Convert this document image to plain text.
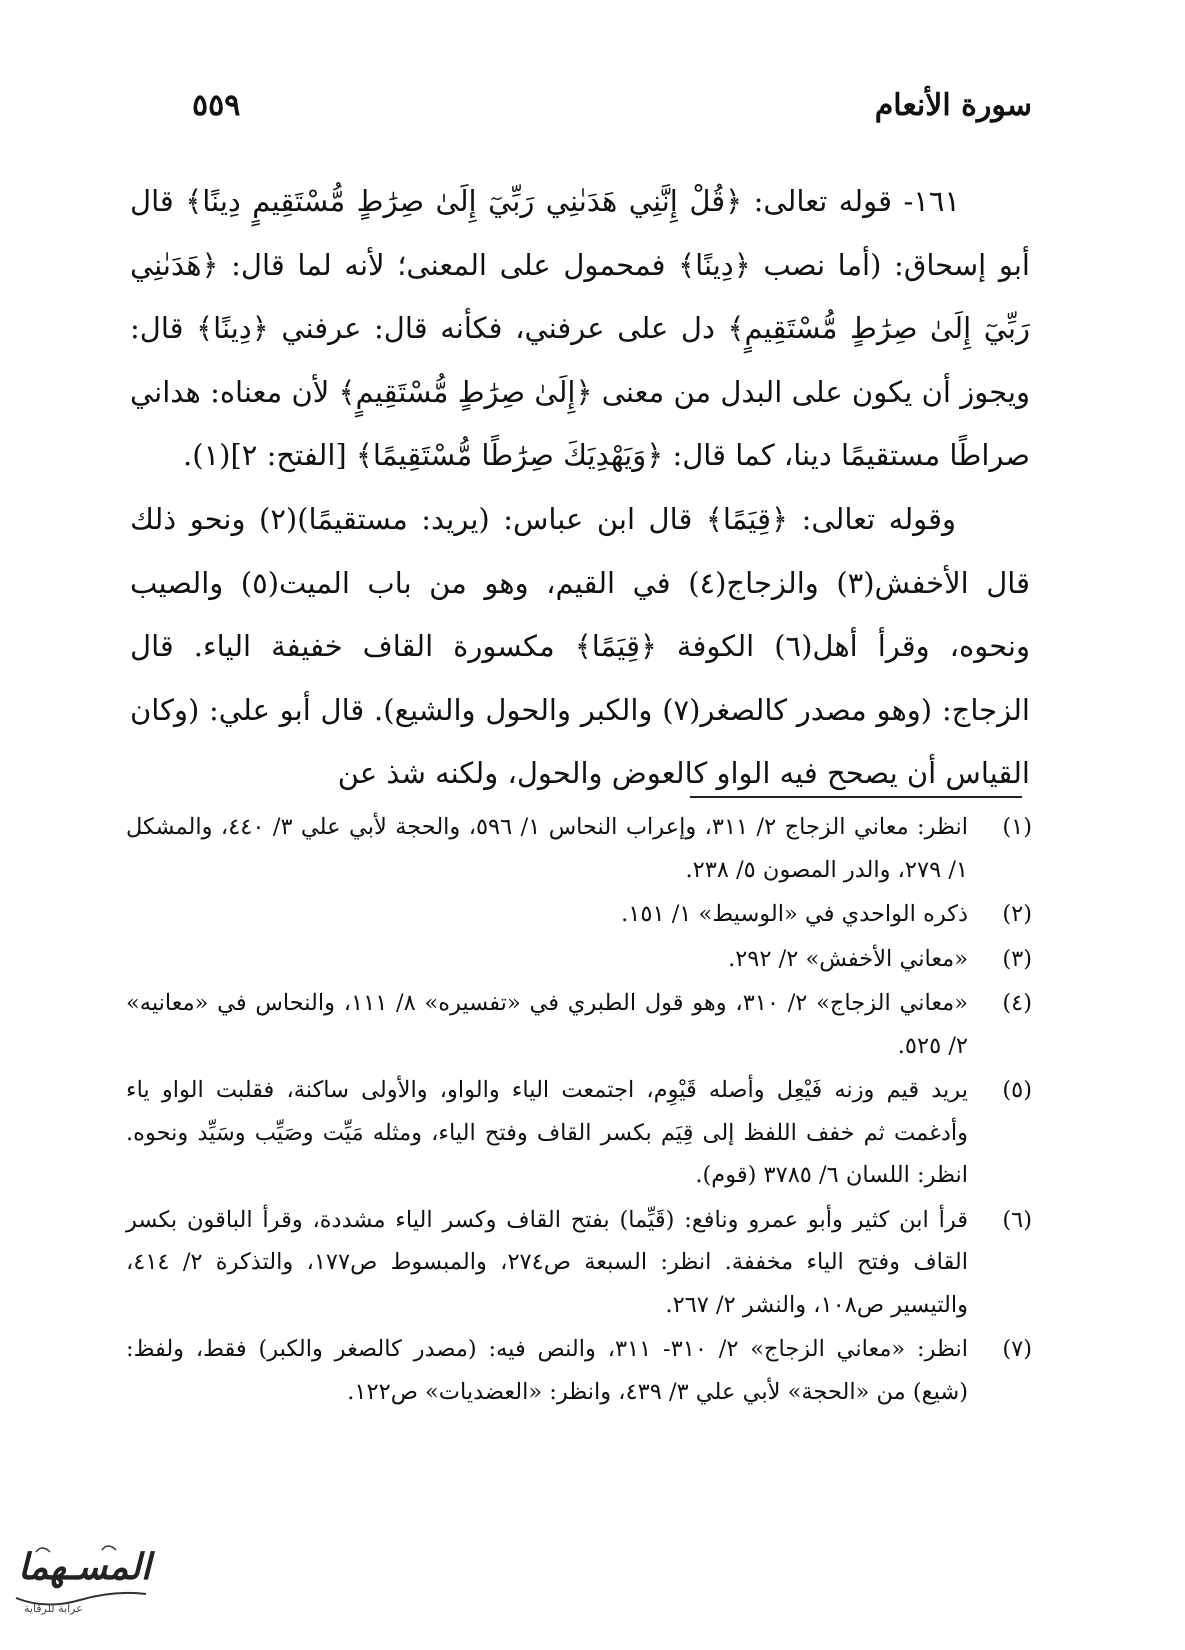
سورة الأنعام
٥٥٩

١٦١- قوله تعالى: ﴿قُلْ إِنَّنِي هَدَىٰنِي رَبِّيٓ إِلَىٰ صِرَٰطٍ مُّسْتَقِيمٍ دِينًا﴾ قال أبو إسحاق: (أما نصب ﴿دِينًا﴾ فمحمول على المعنى؛ لأنه لما قال: ﴿هَدَىٰنِي رَبِّيٓ إِلَىٰ صِرَٰطٍ مُّسْتَقِيمٍ﴾ دل على عرفني، فكأنه قال: عرفني ﴿دِينًا﴾ قال: ويجوز أن يكون على البدل من معنى ﴿إِلَىٰ صِرَٰطٍ مُّسْتَقِيمٍ﴾ لأن معناه: هداني صراطًا مستقيمًا دينا، كما قال: ﴿وَيَهْدِيَكَ صِرَٰطًا مُّسْتَقِيمًا﴾ [الفتح: ٢](١).

وقوله تعالى: ﴿قِيَمًا﴾ قال ابن عباس: (يريد: مستقيمًا)(٢) ونحو ذلك قال الأخفش(٣) والزجاج(٤) في القيم، وهو من باب الميت(٥) والصيب ونحوه، وقرأ أهل(٦) الكوفة ﴿قِيَمًا﴾ مكسورة القاف خفيفة الياء. قال الزجاج: (وهو مصدر كالصغر(٧) والكبر والحول والشيع). قال أبو علي: (وكان القياس أن يصحح فيه الواو كالعوض والحول، ولكنه شذ عن

(١)
انظر: معاني الزجاج ٢/ ٣١١، وإعراب النحاس ١/ ٥٩٦، والحجة لأبي علي ٣/ ٤٤٠، والمشكل ١/ ٢٧٩، والدر المصون ٥/ ٢٣٨.
(٢)
ذكره الواحدي في «الوسيط» ١/ ١٥١.
(٣)
«معاني الأخفش» ٢/ ٢٩٢.
(٤)
«معاني الزجاج» ٢/ ٣١٠، وهو قول الطبري في «تفسيره» ٨/ ١١١، والنحاس في «معانيه» ٢/ ٥٢٥.
(٥)
يريد قيم وزنه فَيْعِل وأصله قَيْوِم، اجتمعت الياء والواو، والأولى ساكنة، فقلبت الواو ياء وأدغمت ثم خفف اللفظ إلى قِيَم بكسر القاف وفتح الياء، ومثله مَيِّت وصَيِّب وسَيِّد ونحوه. انظر: اللسان ٦/ ٣٧٨٥ (قوم).
(٦)
قرأ ابن كثير وأبو عمرو ونافع: (قَيِّما) بفتح القاف وكسر الياء مشددة، وقرأ الباقون بكسر القاف وفتح الياء مخففة. انظر: السبعة ص٢٧٤، والمبسوط ص١٧٧، والتذكرة ٢/ ٤١٤، والتيسير ص١٠٨، والنشر ٢/ ٢٦٧.
(٧)
انظر: «معاني الزجاج» ٢/ ٣١٠- ٣١١، والنص فيه: (مصدر كالصغر والكبر) فقط، ولفظ: (شيع) من «الحجة» لأبي علي ٣/ ٤٣٩، وانظر: «العضديات» ص١٢٢.
المسـهما
عرابة للرقاية
